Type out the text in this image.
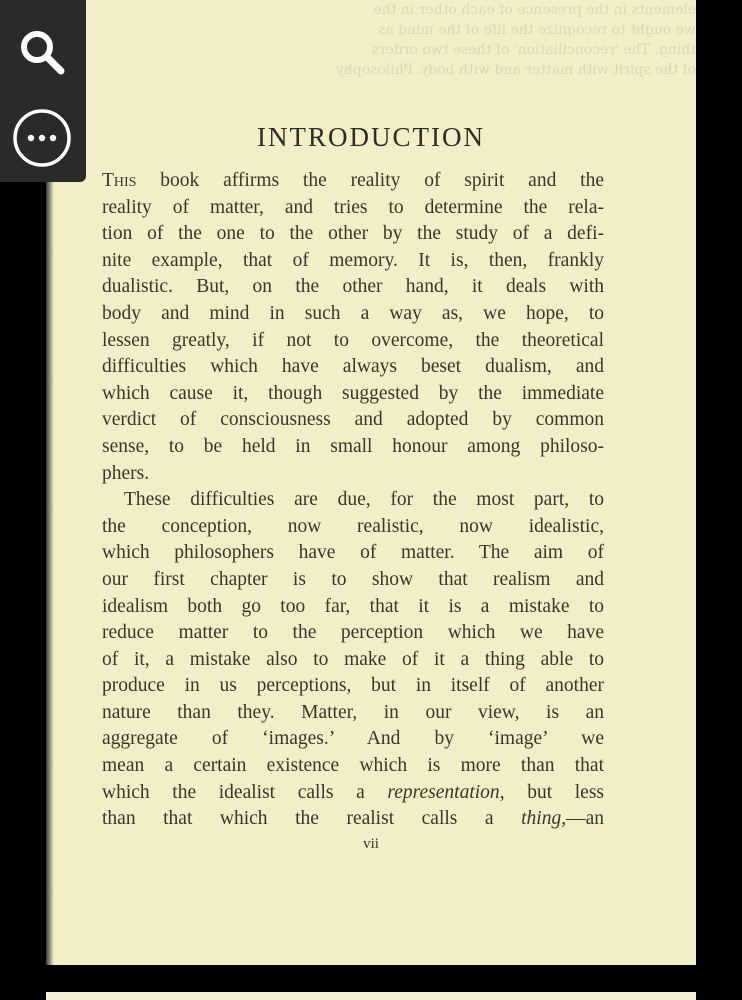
elements in the presence of each other in the
we ought to recognize the life of the mind as
thing. The 'reconciliation' of these two orders
of the spirit with matter and with body. Philosophy
INTRODUCTION
This book affirms the reality of spirit and the
reality of matter, and tries to determine the rela-
tion of the one to the other by the study of a defi-
nite example, that of memory. It is, then, frankly
dualistic. But, on the other hand, it deals with
body and mind in such a way as, we hope, to
lessen greatly, if not to overcome, the theoretical
difficulties which have always beset dualism, and
which cause it, though suggested by the immediate
verdict of consciousness and adopted by common
sense, to be held in small honour among philoso-
phers.
These difficulties are due, for the most part, to
the conception, now realistic, now idealistic,
which philosophers have of matter. The aim of
our first chapter is to show that realism and
idealism both go too far, that it is a mistake to
reduce matter to the perception which we have
of it, a mistake also to make of it a thing able to
produce in us perceptions, but in itself of another
nature than they. Matter, in our view, is an
aggregate of ‘images.’ And by ‘image’ we
mean a certain existence which is more than that
which the idealist calls a representation, but less
than that which the realist calls a thing,—an
vii
